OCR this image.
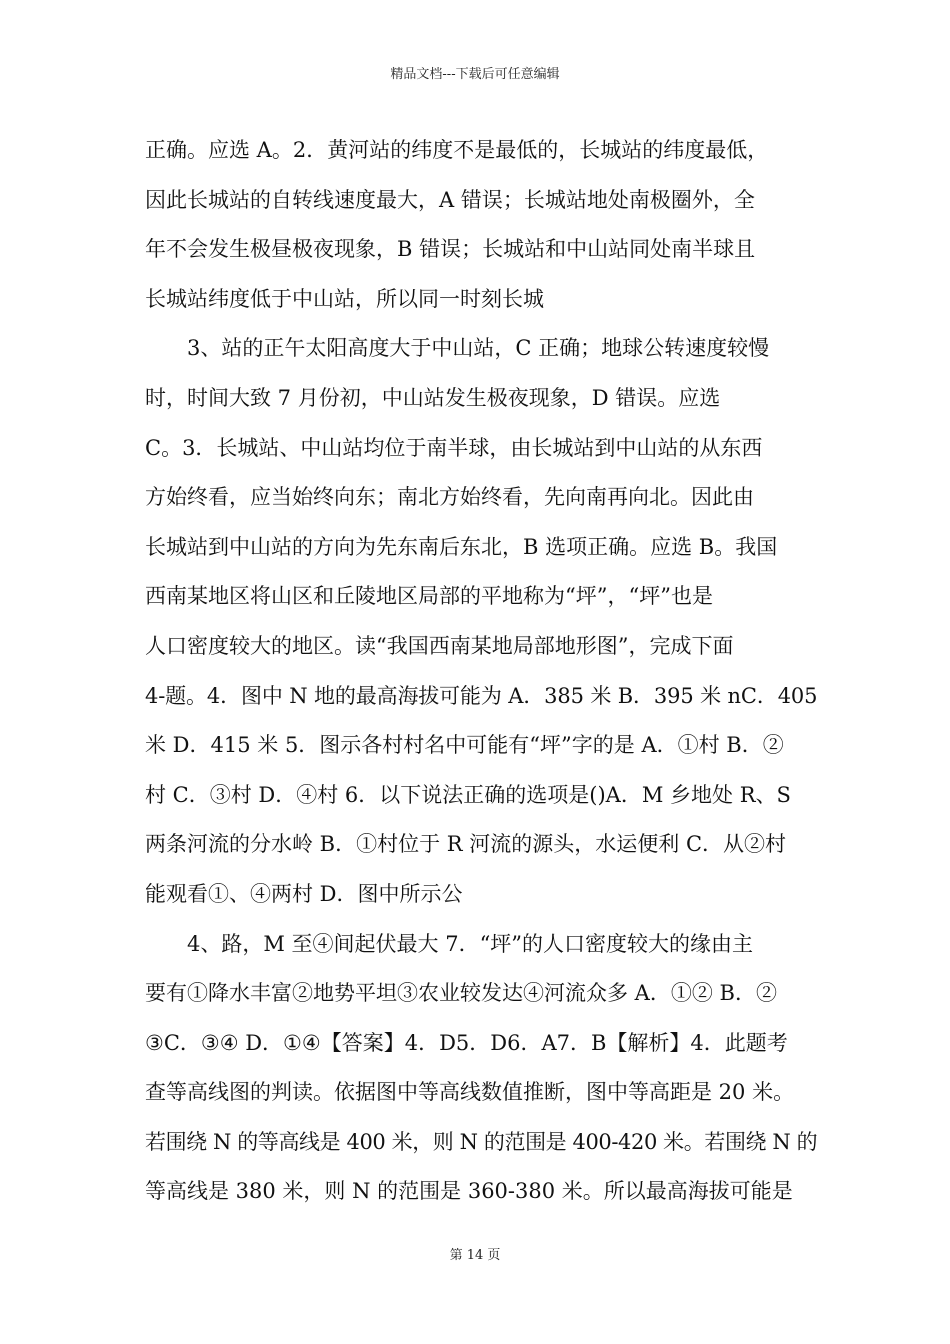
精品文档---下载后可任意编辑
正确。应选 A。2．黄河站的纬度不是最低的，长城站的纬度最低，
因此长城站的自转线速度最大，A 错误；长城站地处南极圈外，全
年不会发生极昼极夜现象，B 错误；长城站和中山站同处南半球且
长城站纬度低于中山站，所以同一时刻长城
3、站的正午太阳高度大于中山站，C 正确；地球公转速度较慢
时，时间大致 7 月份初，中山站发生极夜现象，D 错误。应选
C。3．长城站、中山站均位于南半球，由长城站到中山站的从东西
方始终看，应当始终向东；南北方始终看，先向南再向北。因此由
长城站到中山站的方向为先东南后东北，B 选项正确。应选 B。我国
西南某地区将山区和丘陵地区局部的平地称为“坪”，“坪”也是
人口密度较大的地区。读“我国西南某地局部地形图”，完成下面
4-题。4．图中 N 地的最高海拔可能为 A．385 米 B．395 米 nC．405
米 D．415 米 5．图示各村村名中可能有“坪”字的是 A．①村 B．②
村 C．③村 D．④村 6．以下说法正确的选项是()A．M 乡地处 R、S
两条河流的分水岭 B．①村位于 R 河流的源头，水运便利 C．从②村
能观看①、④两村 D．图中所示公
4、路，M 至④间起伏最大 7．“坪”的人口密度较大的缘由主
要有①降水丰富②地势平坦③农业较发达④河流众多 A．①② B．②
③C．③④ D．①④【答案】4．D5．D6．A7．B【解析】4．此题考
查等高线图的判读。依据图中等高线数值推断，图中等高距是 20 米。
若围绕 N 的等高线是 400 米，则 N 的范围是 400-420 米。若围绕 N 的
等高线是 380 米，则 N 的范围是 360-380 米。所以最高海拔可能是
第 14 页
